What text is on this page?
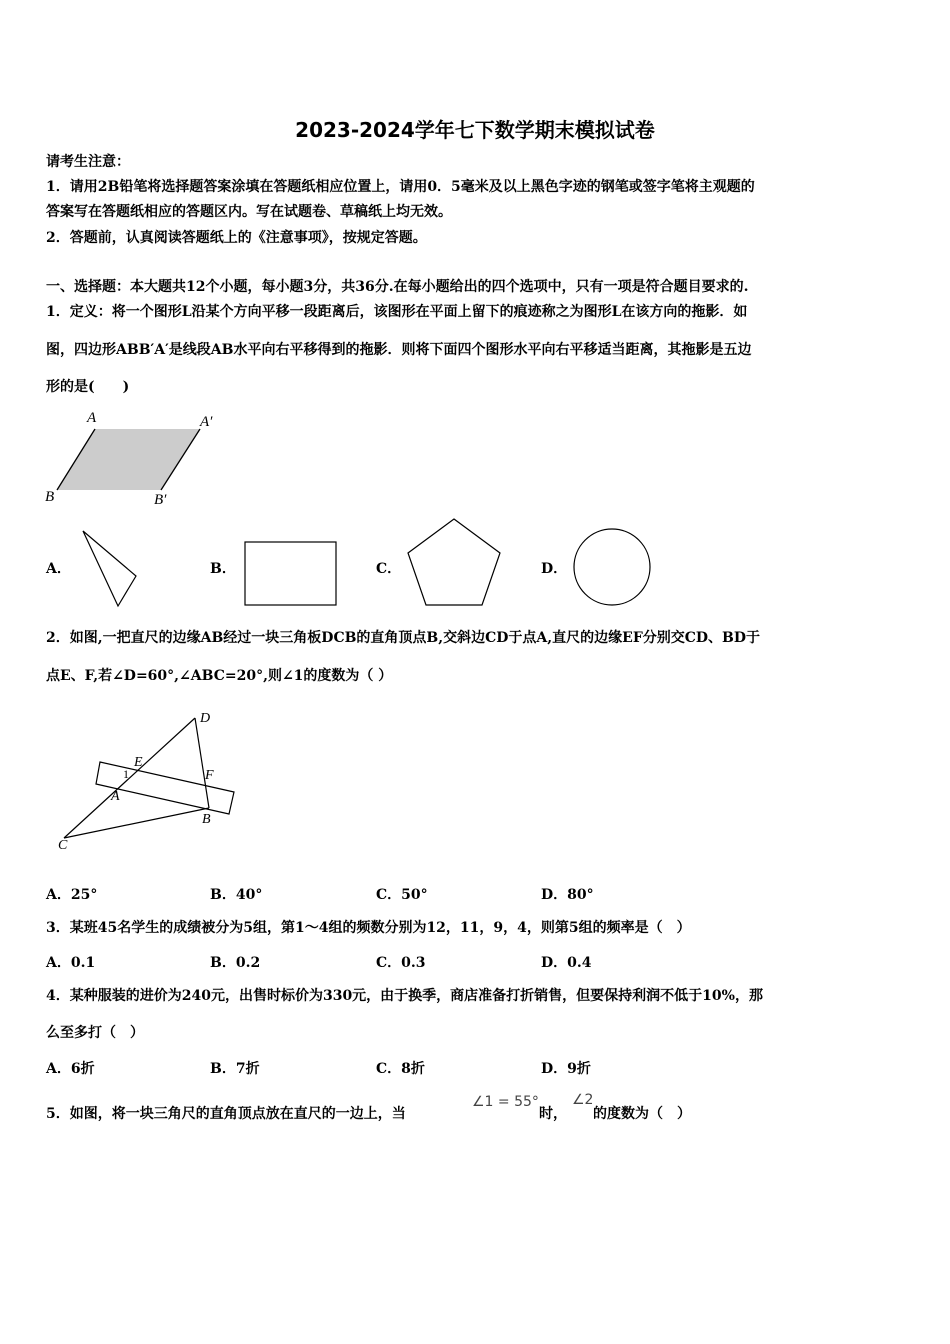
2023-2024学年七下数学期末模拟试卷
请考生注意：
1．请用2B铅笔将选择题答案涂填在答题纸相应位置上，请用0．5毫米及以上黑色字迹的钢笔或签字笔将主观题的
答案写在答题纸相应的答题区内。写在试题卷、草稿纸上均无效。
2．答题前，认真阅读答题纸上的《注意事项》，按规定答题。
一、选择题：本大题共12个小题，每小题3分，共36分.在每小题给出的四个选项中，只有一项是符合题目要求的.
1．定义：将一个图形L沿某个方向平移一段距离后，该图形在平面上留下的痕迹称之为图形L在该方向的拖影．如
图，四边形ABB′A′是线段AB水平向右平移得到的拖影．则将下面四个图形水平向右平移适当距离，其拖影是五边
形的是(　　)
A	A′
B	B′
A．	B．	C．	D．
2．如图,一把直尺的边缘AB经过一块三角板DCB的直角顶点B,交斜边CD于点A,直尺的边缘EF分别交CD、BD于
点E、F,若∠D=60°,∠ABC=20°,则∠1的度数为（ ）
D
E
F
1
A
B
C
A．25°	B．40°	C．50°	D．80°
3．某班45名学生的成绩被分为5组，第1～4组的频数分别为12，11，9，4，则第5组的频率是（　）
A．0.1	B．0.2	C．0.3	D．0.4
4．某种服装的进价为240元，出售时标价为330元，由于换季，商店准备打折销售，但要保持利润不低于10%，那
么至多打（　）
A．6折	B．7折	C．8折	D．9折
5．如图，将一块三角尺的直角顶点放在直尺的一边上，当
∠1 = 55°
时，
∠2
的度数为（　）
